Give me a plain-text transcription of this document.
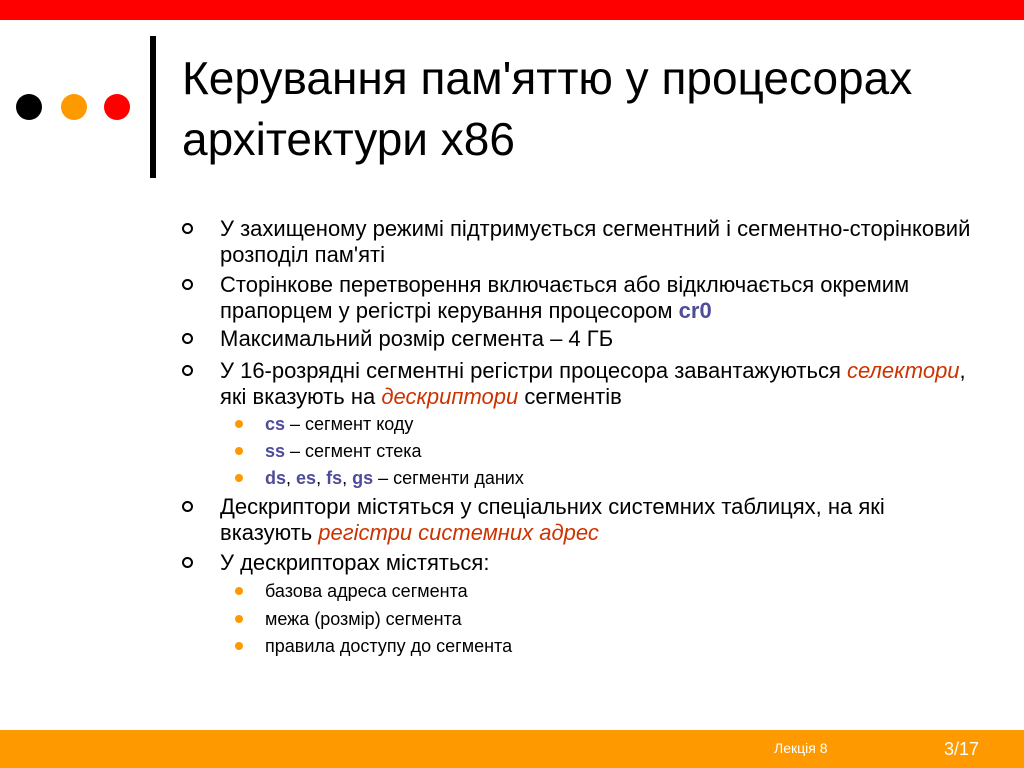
Керування пам'яттю у процесорах архітектури x86
У захищеному режимі підтримується сегментний і сегментно-сторінковий розподіл пам'яті
Сторінкове перетворення включається або відключається окремим прапорцем у регістрі керування процесором cr0
Максимальний розмір сегмента – 4 ГБ
У 16-розрядні сегментні регістри процесора завантажуються селектори, які вказують на дескриптори сегментів
cs – сегмент коду
ss – сегмент стека
ds, es, fs, gs – сегменти даних
Дескриптори містяться у спеціальних системних таблицях, на які вказують регістри системних адрес
У дескрипторах містяться:
базова адреса сегмента
межа (розмір) сегмента
правила доступу до сегмента
Лекція 8	3/17
